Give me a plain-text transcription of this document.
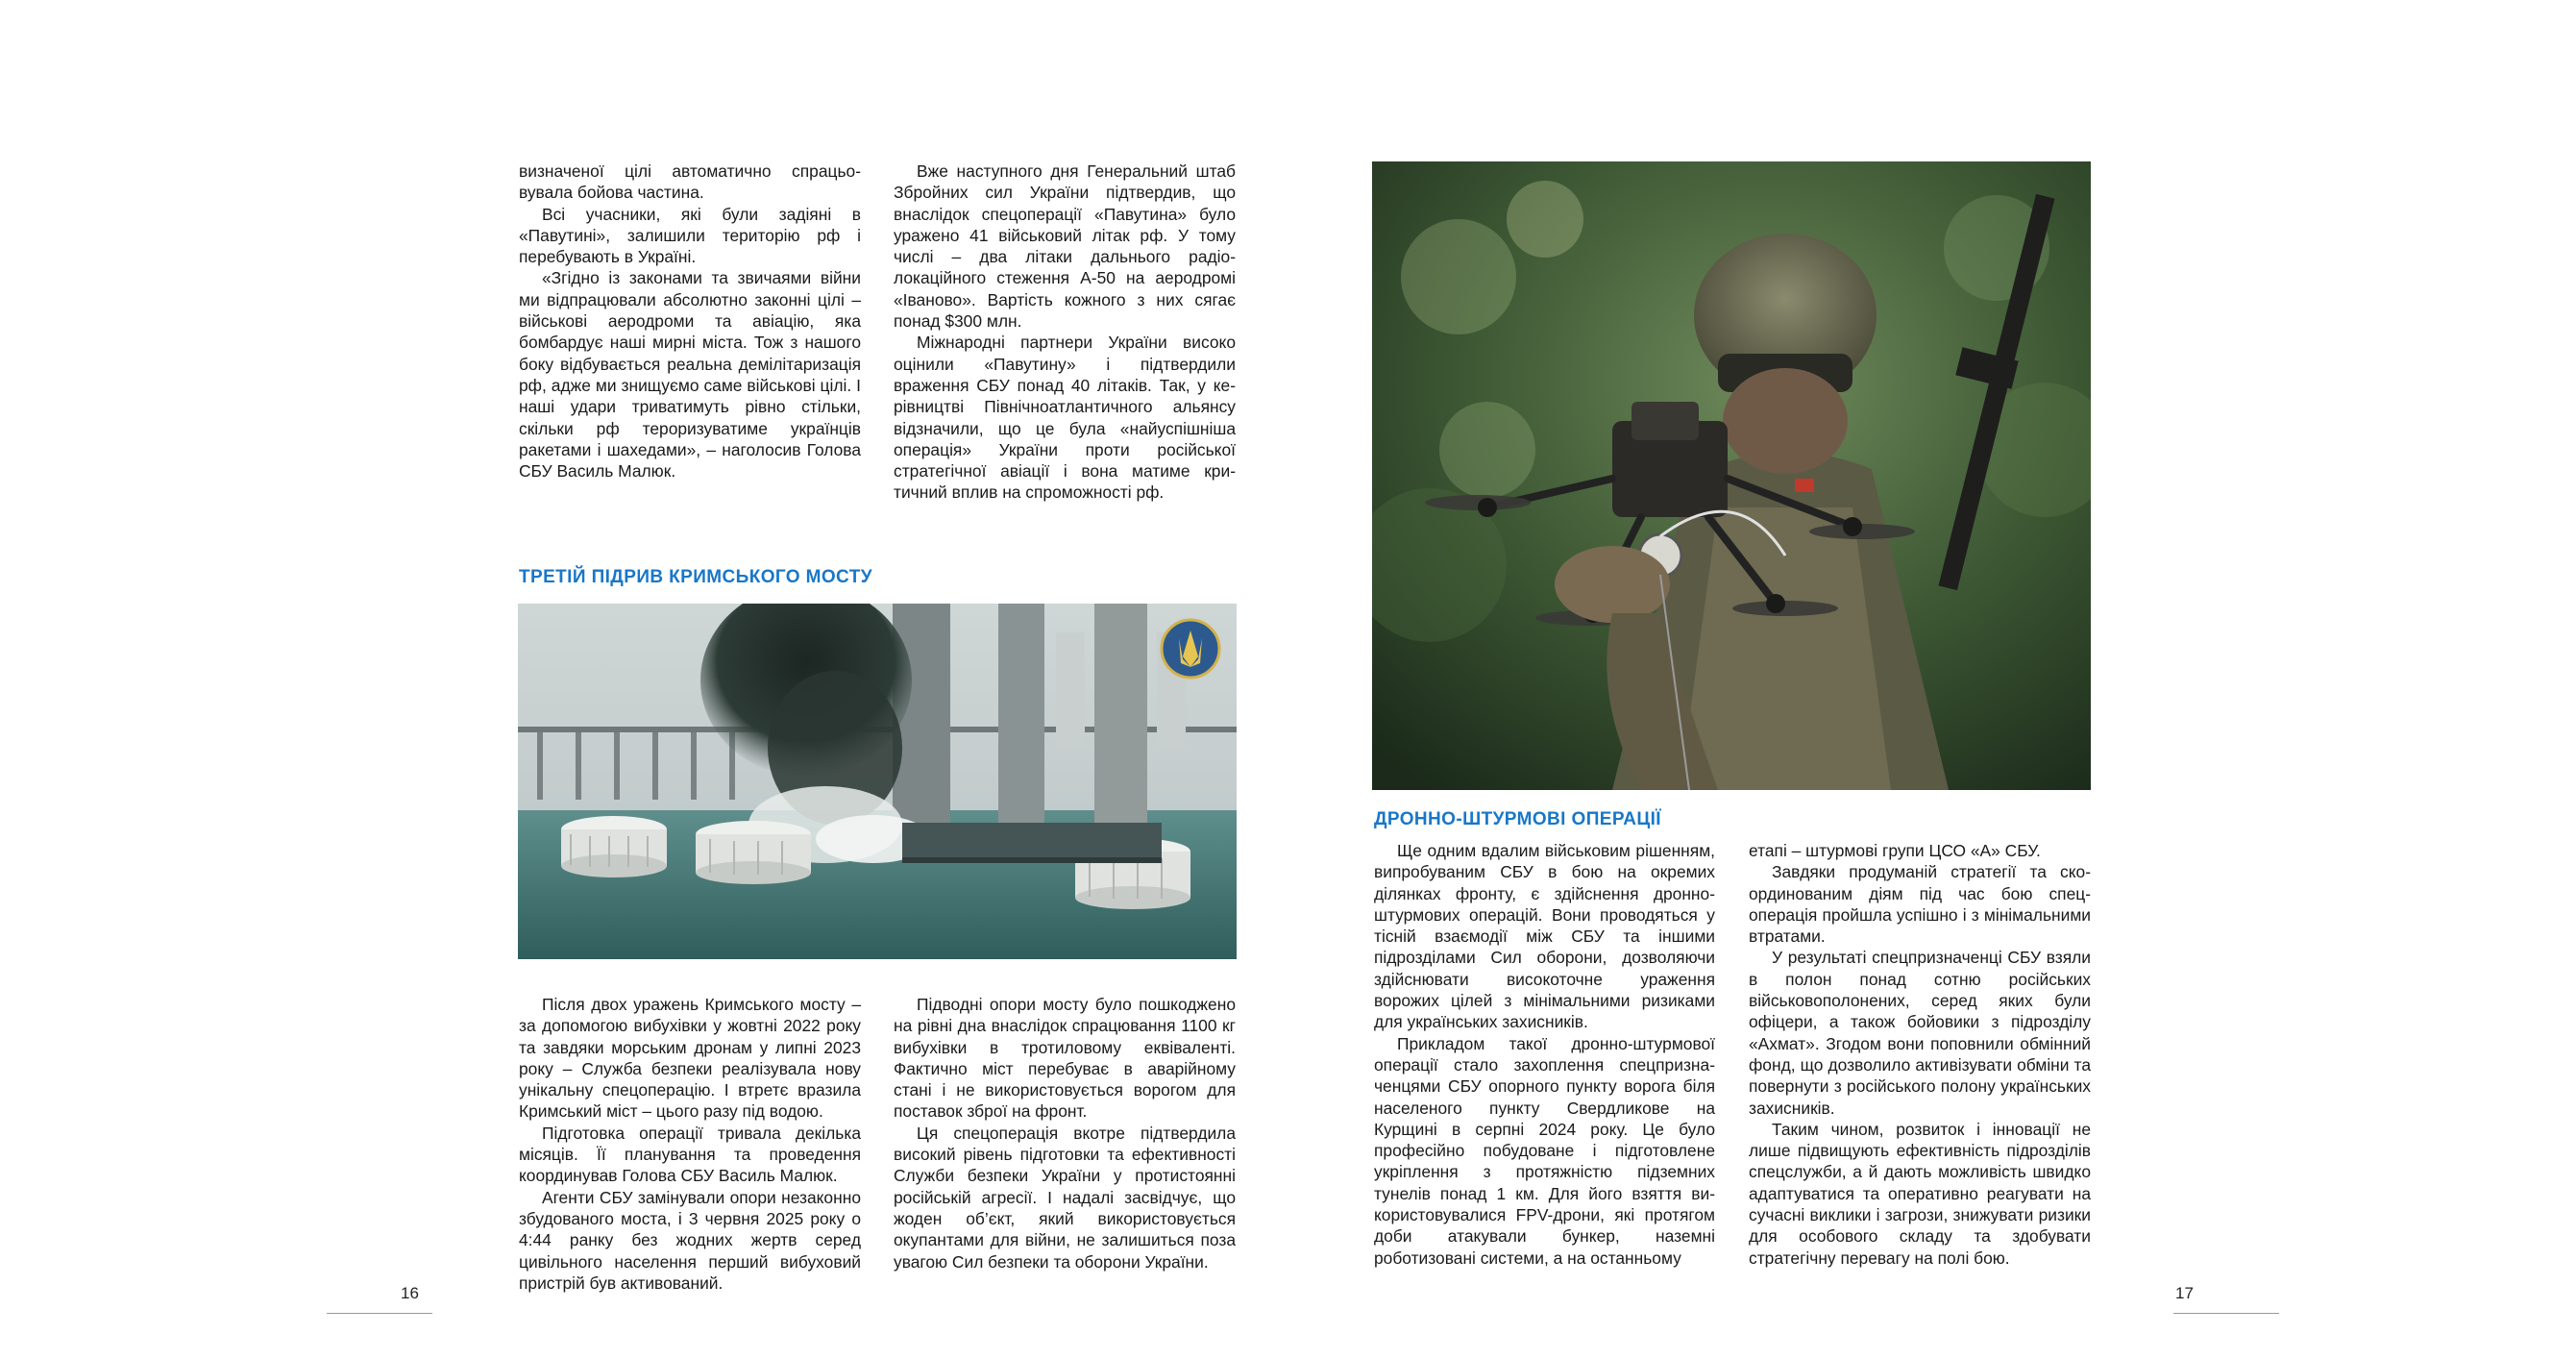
визначеної цілі автоматично спрацьовувала бойова частина.

Всі учасники, які були задіяні в «Павутині», залишили територію рф і перебувають в Україні.

«Згідно із законами та звичаями війни ми відпрацювали абсолютно законні цілі – військові аеродроми та авіацію, яка бомбардує наші мирні міста. Тож з нашого боку відбувається реальна демілітаризація рф, адже ми знищуємо саме військові цілі. І наші удари триватимуть рівно стільки, скільки рф тероризуватиме українців ракетами і шахедами», – наголосив Голова СБУ Василь Малюк.

Вже наступного дня Генеральний штаб Збройних сил України підтвердив, що внаслідок спецоперації «Павутина» було уражено 41 військовий літак рф. У тому числі – два літаки дальнього радіолокаційного стеження А-50 на аеродромі «Іваново». Вартість кожного з них сягає понад $300 млн.

Міжнародні партнери України високо оцінили «Павутину» і підтвердили враження СБУ понад 40 літаків. Так, у керівництві Північноатлантичного альянсу відзначили, що це була «найуспішніша операція» України проти російської стратегічної авіації і вона матиме критичний вплив на спроможності рф.

ТРЕТІЙ ПІДРИВ КРИМСЬКОГО МОСТУ

Після двох уражень Кримського мосту – за допомогою вибухівки у жовтні 2022 року та завдяки морським дронам у липні 2023 року – Служба безпеки реалізувала нову унікальну спецоперацію. І втретє вразила Кримський міст – цього разу під водою.

Підготовка операції тривала декілька місяців. Її планування та проведення координував Голова СБУ Василь Малюк.

Агенти СБУ замінували опори незаконно збудованого моста, і 3 червня 2025 року о 4:44 ранку без жодних жертв серед цивільного населення перший вибуховий пристрій був активований.

Підводні опори мосту було пошкоджено на рівні дна внаслідок спрацювання 1100 кг вибухівки в тротиловому еквіваленті. Фактично міст перебуває в аварійному стані і не використовується ворогом для поставок зброї на фронт.

Ця спецоперація вкотре підтвердила високий рівень підготовки та ефективності Служби безпеки України у протистоянні російській агресії. І надалі засвідчує, що жоден об’єкт, який використовується окупантами для війни, не залишиться поза увагою Сил безпеки та оборони України.

16
ДРОННО-ШТУРМОВІ ОПЕРАЦІЇ

Ще одним вдалим військовим рішенням, випробуваним СБУ в бою на окремих ділянках фронту, є здійснення дронно-штурмових операцій. Вони проводяться у тісній взаємодії між СБУ та іншими підрозділами Сил оборони, дозволяючи здійснювати високоточне ураження ворожих цілей з мінімальними ризиками для українських захисників.

Прикладом такої дронно-штурмової операції стало захоплення спецпризначенцями СБУ опорного пункту ворога біля населеного пункту Свердликове на Курщині в серпні 2024 року. Це було професійно побудоване і підготовлене укріплення з протяжністю підземних тунелів понад 1 км. Для його взяття використовувалися FPV-дрони, які протягом доби атакували бункер, наземні роботизовані системи, а на останньому

етапі – штурмові групи ЦСО «А» СБУ.

Завдяки продуманій стратегії та скоординованим діям під час бою спецоперація пройшла успішно і з мінімальними втратами.

У результаті спецпризначенці СБУ взяли в полон понад сотню російських військовополонених, серед яких були офіцери, а також бойовики з підрозділу «Ахмат». Згодом вони поповнили обмінний фонд, що дозволило активізувати обміни та повернути з російського полону українських захисників.

Таким чином, розвиток і інновації не лише підвищують ефективність підрозділів спецслужби, а й дають можливість швидко адаптуватися та оперативно реагувати на сучасні виклики і загрози, знижувати ризики для особового складу та здобувати стратегічну перевагу на полі бою.

17
